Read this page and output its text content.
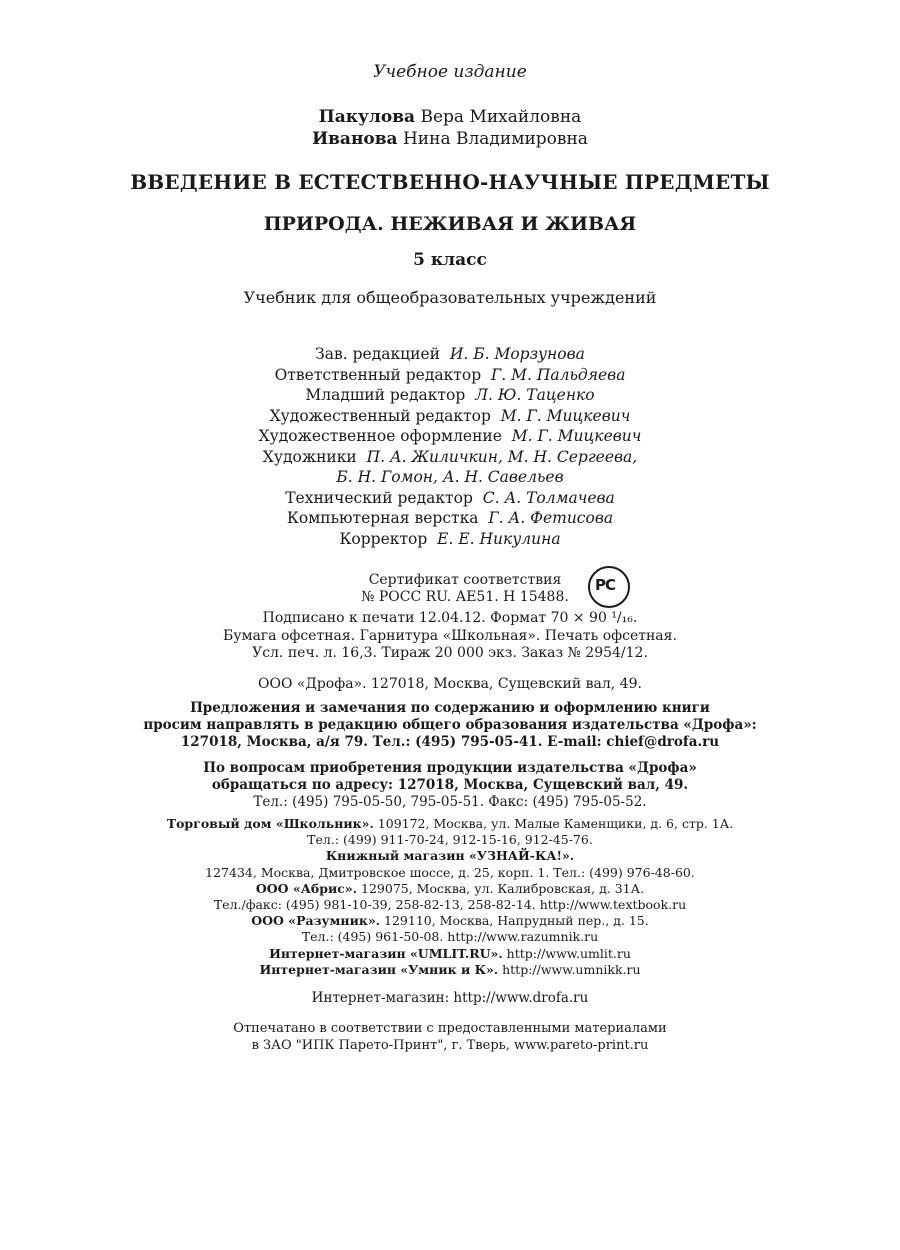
Учебное издание

Пакулова Вера Михайловна
Иванова Нина Владимировна

ВВЕДЕНИЕ В ЕСТЕСТВЕННО-НАУЧНЫЕ ПРЕДМЕТЫ

ПРИРОДА. НЕЖИВАЯ И ЖИВАЯ

5 класс

Учебник для общеобразовательных учреждений

Зав. редакцией И. Б. Морзунова
Ответственный редактор Г. М. Пальдяева
Младший редактор Л. Ю. Таценко
Художественный редактор М. Г. Мицкевич
Художественное оформление М. Г. Мицкевич
Художники П. А. Жиличкин, М. Н. Сергеева,
Б. Н. Гомон, А. Н. Савельев
Технический редактор С. А. Толмачева
Компьютерная верстка Г. А. Фетисова
Корректор Е. Е. Никулина
Сертификат соответствия
№ РОСС RU. АЕ51. Н 15488.
РС
Подписано к печати 12.04.12. Формат 70 × 90 ¹/₁₆.
Бумага офсетная. Гарнитура «Школьная». Печать офсетная.
Усл. печ. л. 16,3. Тираж 20 000 экз. Заказ № 2954/12.

ООО «Дрофа». 127018, Москва, Сущевский вал, 49.

Предложения и замечания по содержанию и оформлению книги
просим направлять в редакцию общего образования издательства «Дрофа»:
127018, Москва, а/я 79. Тел.: (495) 795-05-41. E-mail: chief@drofa.ru
По вопросам приобретения продукции издательства «Дрофа»
обращаться по адресу: 127018, Москва, Сущевский вал, 49.
Тел.: (495) 795-05-50, 795-05-51. Факс: (495) 795-05-52.
Торговый дом «Школьник». 109172, Москва, ул. Малые Каменщики, д. 6, стр. 1А.
Тел.: (499) 911-70-24, 912-15-16, 912-45-76.
Книжный магазин «УЗНАЙ-КА!».
127434, Москва, Дмитровское шоссе, д. 25, корп. 1. Тел.: (499) 976-48-60.
ООО «Абрис». 129075, Москва, ул. Калибровская, д. 31А.
Тел./факс: (495) 981-10-39, 258-82-13, 258-82-14. http://www.textbook.ru
ООО «Разумник». 129110, Москва, Напрудный пер., д. 15.
Тел.: (495) 961-50-08. http://www.razumnik.ru
Интернет-магазин «UMLIT.RU». http://www.umlit.ru
Интернет-магазин «Умник и К». http://www.umnikk.ru

Интернет-магазин: http://www.drofa.ru

Отпечатано в соответствии с предоставленными материалами
в ЗАО "ИПК Парето-Принт", г. Тверь, www.pareto-print.ru
